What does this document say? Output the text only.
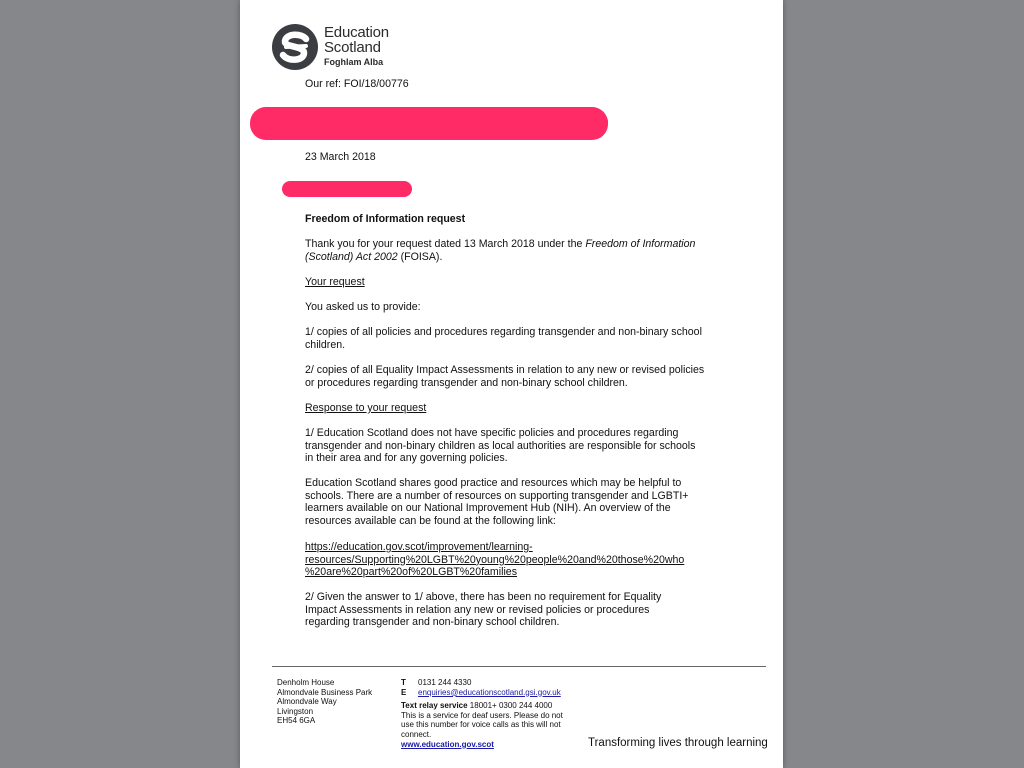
Education
Scotland
Foghlam Alba
Our ref: FOI/18/00776
23 March 2018
Freedom of Information request
Thank you for your request dated 13 March 2018 under the Freedom of Information (Scotland) Act 2002 (FOISA).
Your request
You asked us to provide:
1/ copies of all policies and procedures regarding transgender and non-binary school children.
2/ copies of all Equality Impact Assessments in relation to any new or revised policies or procedures regarding transgender and non-binary school children.
Response to your request
1/ Education Scotland does not have specific policies and procedures regarding transgender and non-binary children as local authorities are responsible for schools in their area and for any governing policies.
Education Scotland shares good practice and resources which may be helpful to schools. There are a number of resources on supporting transgender and LGBTI+ learners available on our National Improvement Hub (NIH). An overview of the resources available can be found at the following link:
https://education.gov.scot/improvement/learning-
resources/Supporting%20LGBT%20young%20people%20and%20those%20who
%20are%20part%20of%20LGBT%20families
2/ Given the answer to 1/ above, there has been no requirement for Equality Impact Assessments in relation any new or revised policies or procedures regarding transgender and non-binary school children.
Denholm House
Almondvale Business Park
Almondvale Way
Livingston
EH54 6GA
T 0131 244 4330
E enquiries@educationscotland.gsi.gov.uk
Text relay service 18001+ 0300 244 4000
This is a service for deaf users. Please do not use this number for voice calls as this will not connect.
www.education.gov.scot	Transforming lives through learning
